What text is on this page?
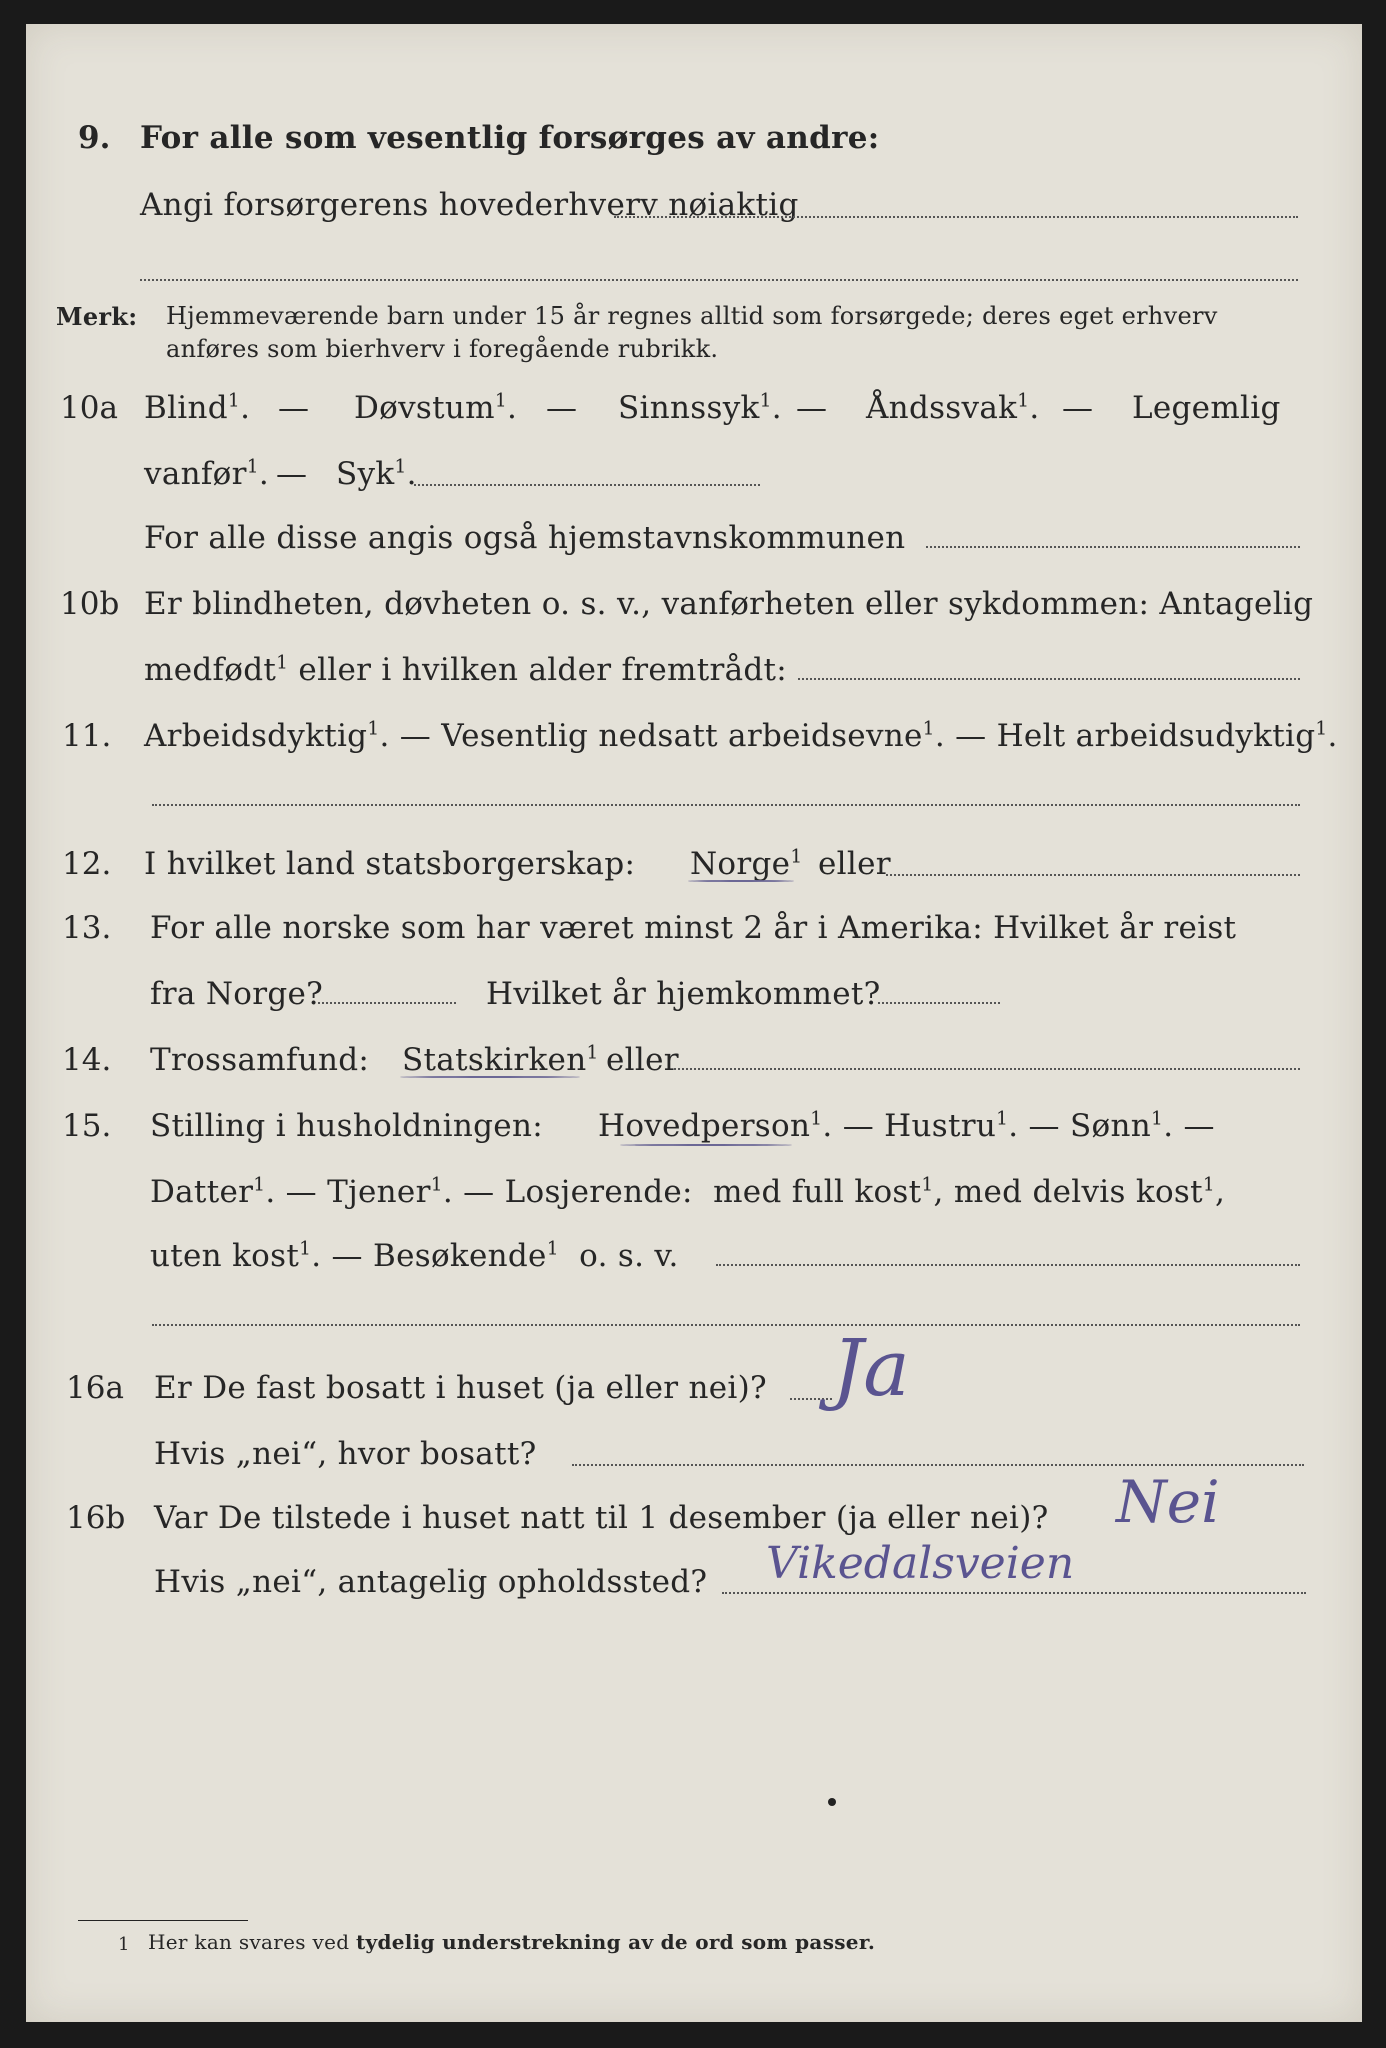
9. For alle som vesentlig forsørges av andre:
Angi forsørgerens hovederhverv nøiaktig
Merk: Hjemmeværende barn under 15 år regnes alltid som forsørgede; deres eget erhverv
anføres som bierhverv i foregående rubrikk.
10a Blind$^1$. — Døvstum$^1$. — Sinnssyk$^1$. — Åndssvak$^1$. — Legemlig
vanfør$^1$. — Syk$^1$.
For alle disse angis også hjemstavnskommunen
10b Er blindheten, døvheten o. s. v., vanførheten eller sykdommen: Antagelig
medfødt$^1$ eller i hvilken alder fremtrådt:
11. Arbeidsdyktig$^1$. — Vesentlig nedsatt arbeidsevne$^1$. — Helt arbeidsudyktig$^1$.
12. I hvilket land statsborgerskap: Norge$^1$ eller
13. For alle norske som har været minst 2 år i Amerika: Hvilket år reist
fra Norge?	Hvilket år hjemkommet?
14. Trossamfund: Statskirken$^1$ eller
15. Stilling i husholdningen: Hovedperson$^1$. — Hustru$^1$. — Sønn$^1$. —
Datter$^1$. — Tjener$^1$. — Losjerende: med full kost$^1$, med delvis kost$^1$,
uten kost$^1$. — Besøkende$^1$ o. s. v.
16a Er De fast bosatt i huset (ja eller nei)? Ja
Hvis „nei“, hvor bosatt?
16b Var De tilstede i huset natt til 1 desember (ja eller nei)? Nei
Hvis „nei“, antagelig opholdssted? Vikedalsveien
1 Her kan svares ved tydelig understrekning av de ord som passer.
